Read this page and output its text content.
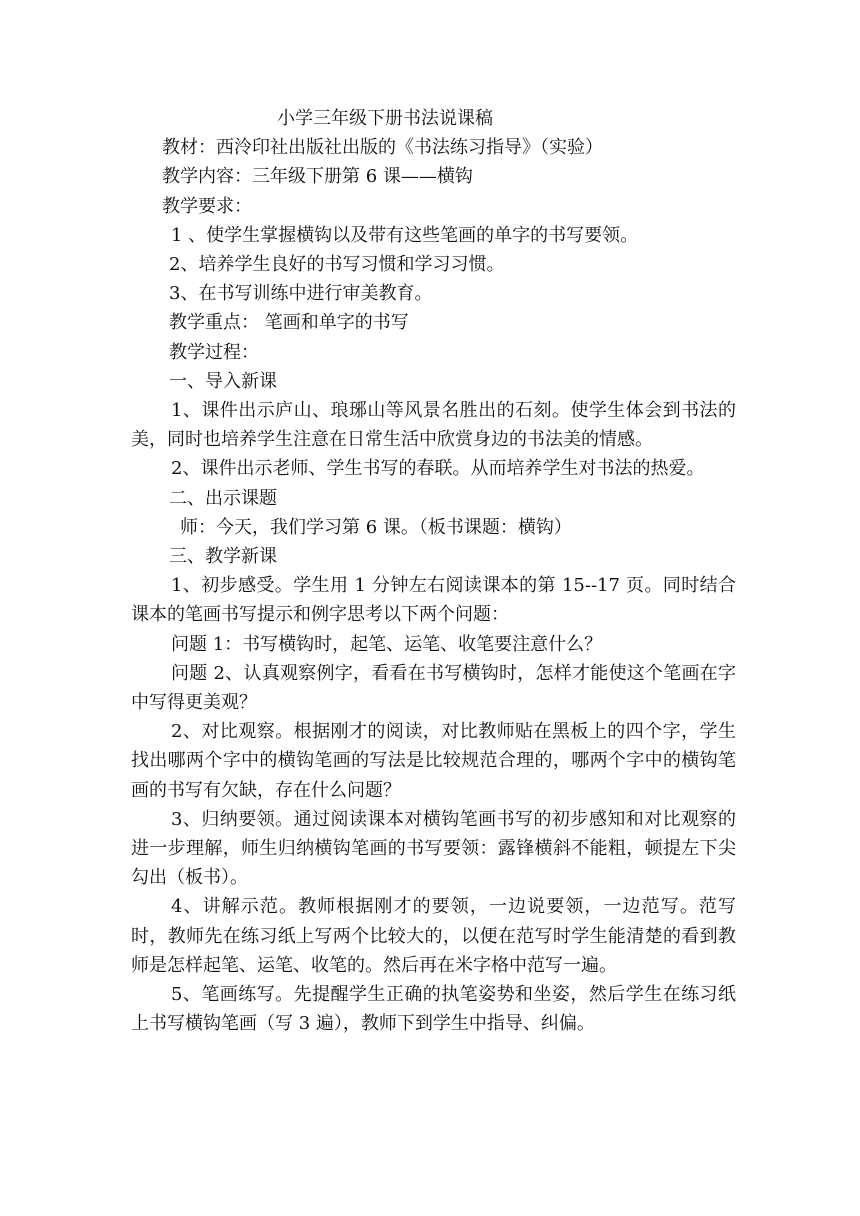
小学三年级下册书法说课稿

教材：西泠印社出版社出版的《书法练习指导》（实验）

教学内容：三年级下册第 6 课——横钩

教学要求：

1 、使学生掌握横钩以及带有这些笔画的单字的书写要领。

2、培养学生良好的书写习惯和学习习惯。

3、在书写训练中进行审美教育。

教学重点： 笔画和单字的书写

教学过程：

一、导入新课

1、课件出示庐山、琅琊山等风景名胜出的石刻。使学生体会到书法的美，同时也培养学生注意在日常生活中欣赏身边的书法美的情感。

2、课件出示老师、学生书写的春联。从而培养学生对书法的热爱。

二、出示课题

师：今天，我们学习第 6 课。（板书课题：横钩）

三、教学新课

1、初步感受。学生用 1 分钟左右阅读课本的第 15--17 页。同时结合课本的笔画书写提示和例字思考以下两个问题：

问题 1：书写横钩时，起笔、运笔、收笔要注意什么？

问题 2、认真观察例字，看看在书写横钩时，怎样才能使这个笔画在字中写得更美观？

2、对比观察。根据刚才的阅读，对比教师贴在黑板上的四个字，学生找出哪两个字中的横钩笔画的写法是比较规范合理的，哪两个字中的横钩笔画的书写有欠缺，存在什么问题？

3、归纳要领。通过阅读课本对横钩笔画书写的初步感知和对比观察的进一步理解，师生归纳横钩笔画的书写要领：露锋横斜不能粗，顿提左下尖勾出（板书）。

4、讲解示范。教师根据刚才的要领，一边说要领，一边范写。范写时，教师先在练习纸上写两个比较大的，以便在范写时学生能清楚的看到教师是怎样起笔、运笔、收笔的。然后再在米字格中范写一遍。

5、笔画练写。先提醒学生正确的执笔姿势和坐姿，然后学生在练习纸上书写横钩笔画（写 3 遍），教师下到学生中指导、纠偏。
